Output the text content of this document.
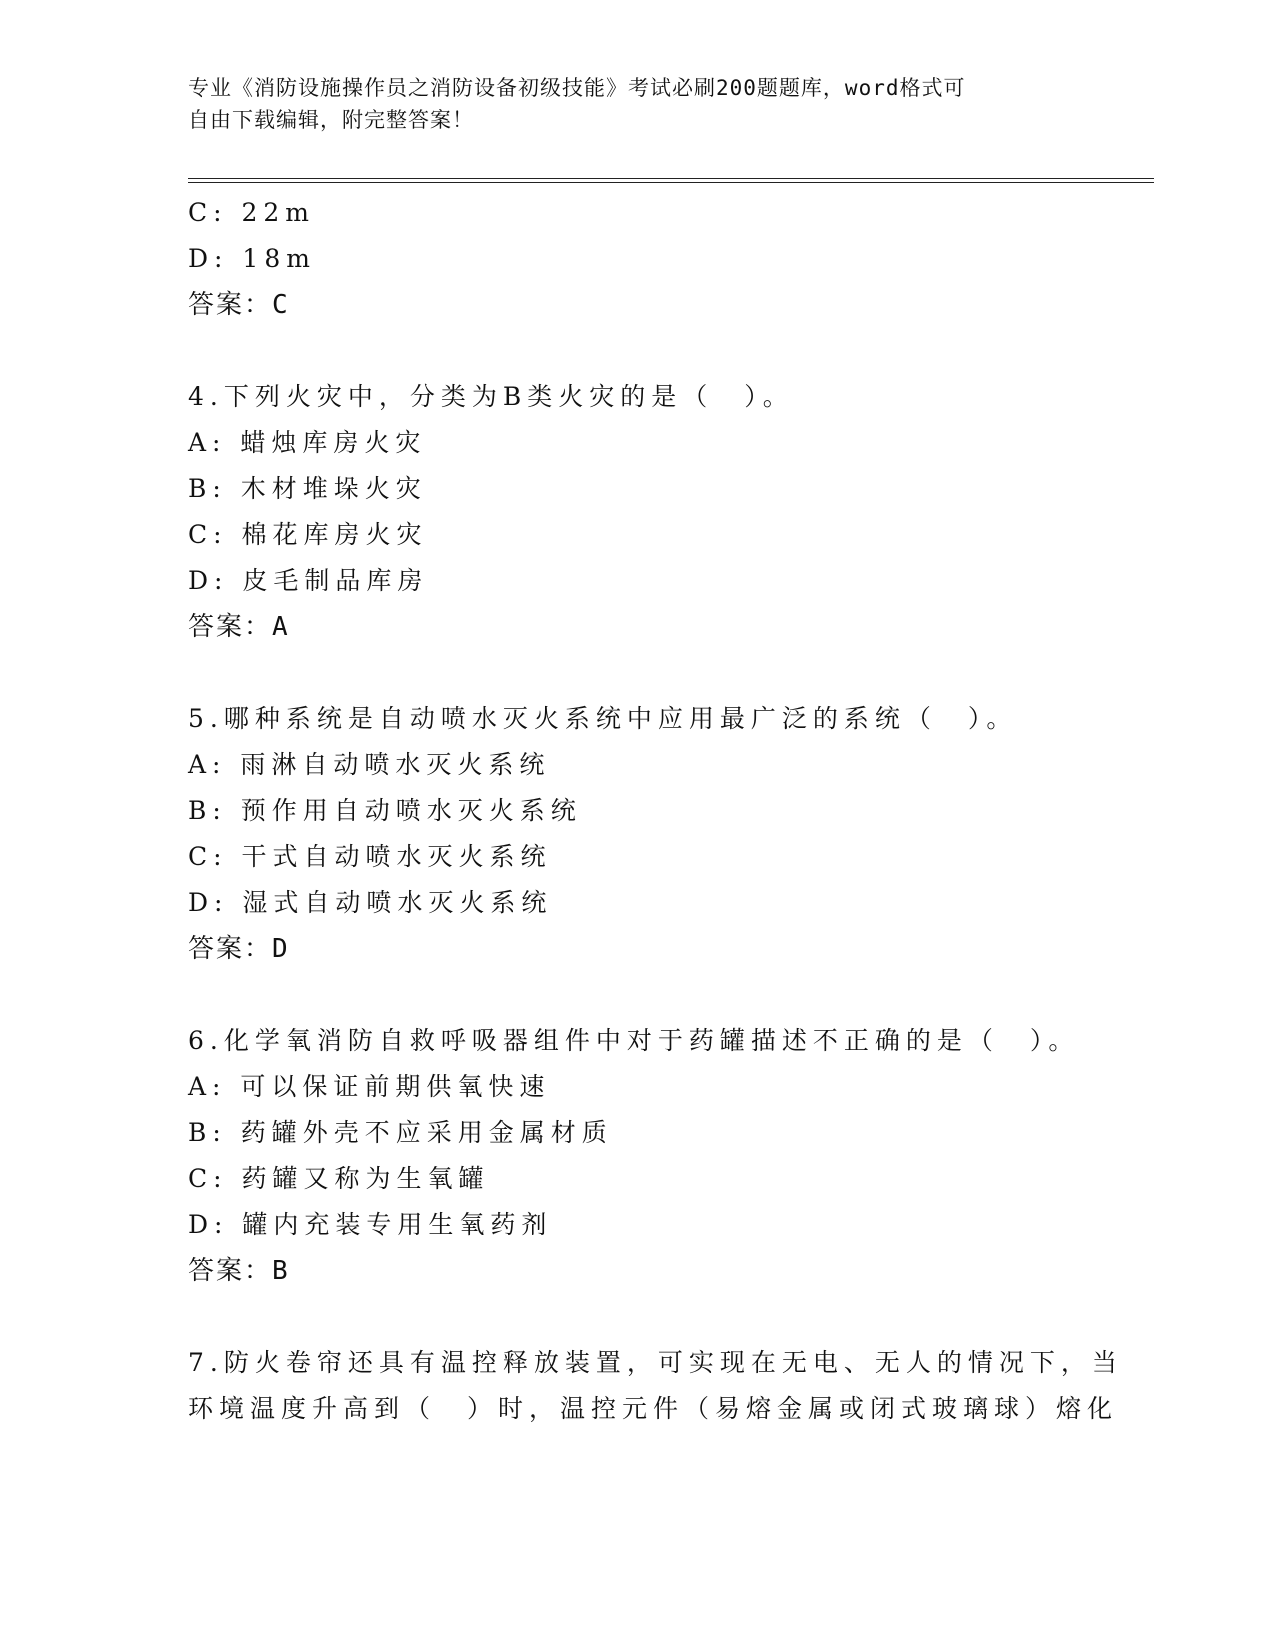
专业《消防设施操作员之消防设备初级技能》考试必刷200题题库，word格式可
自由下载编辑，附完整答案！
C: 22m
D: 18m
答案：C
4.下列火灾中，分类为B类火灾的是（　）。
A: 蜡烛库房火灾
B: 木材堆垛火灾
C: 棉花库房火灾
D: 皮毛制品库房
答案：A
5.哪种系统是自动喷水灭火系统中应用最广泛的系统（　）。
A: 雨淋自动喷水灭火系统
B: 预作用自动喷水灭火系统
C: 干式自动喷水灭火系统
D: 湿式自动喷水灭火系统
答案：D
6.化学氧消防自救呼吸器组件中对于药罐描述不正确的是（　）。
A: 可以保证前期供氧快速
B: 药罐外壳不应采用金属材质
C: 药罐又称为生氧罐
D: 罐内充装专用生氧药剂
答案：B
7.防火卷帘还具有温控释放装置，可实现在无电、无人的情况下，当
环境温度升高到（　）时，温控元件（易熔金属或闭式玻璃球）熔化
